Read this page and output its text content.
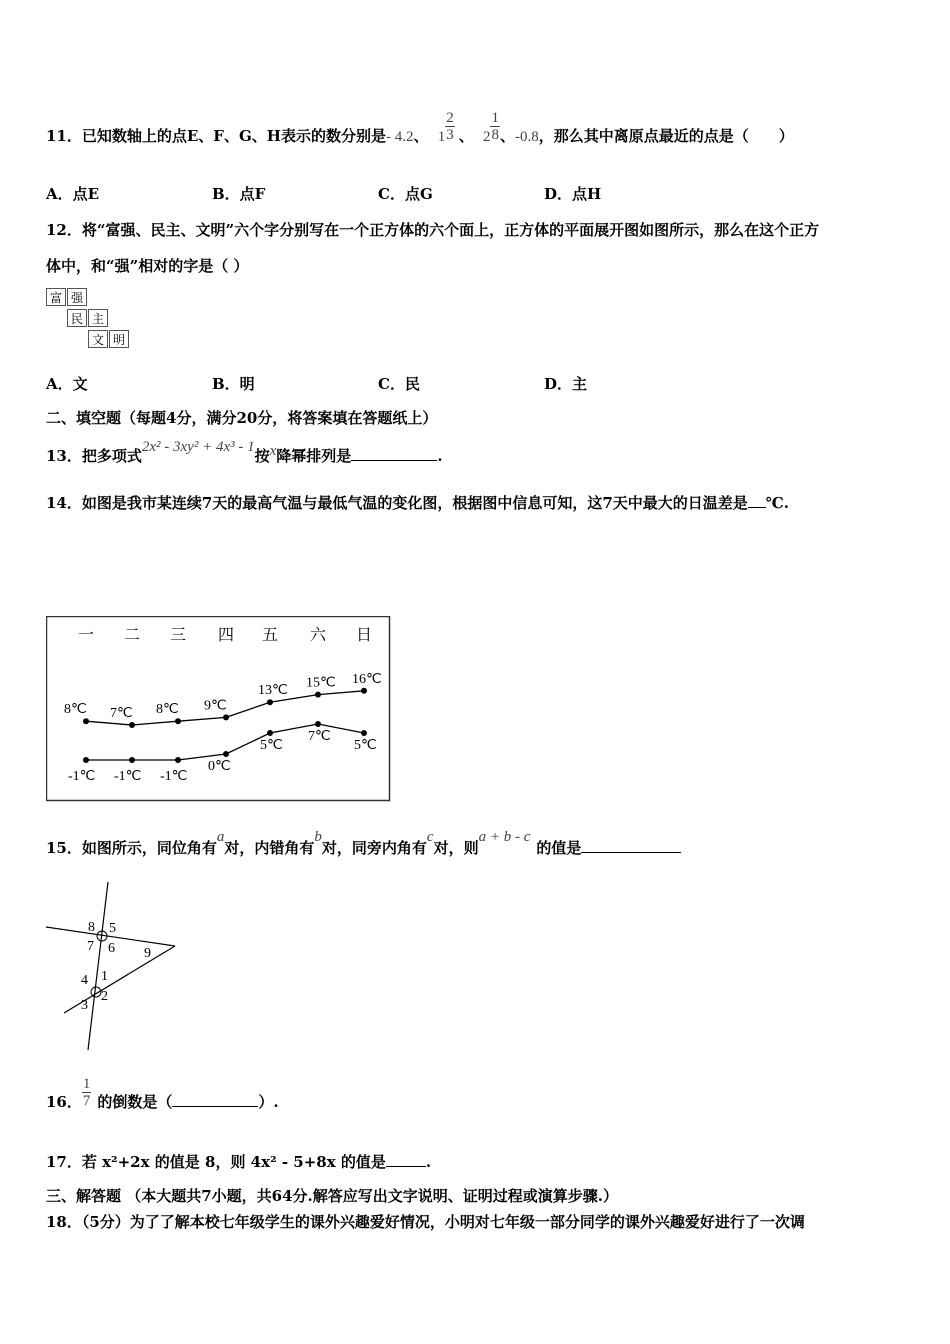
11．已知数轴上的点E、F、G、H表示的数分别是- 4.2、 $1 \frac{2}{3}$ 、 $2 \frac{1}{8}$ 、-0.8，那么其中离原点最近的点是（　　）
A．点E	B．点F	C．点G	D．点H
12．将“富强、民主、文明”六个字分别写在一个正方体的六个面上，正方体的平面展开图如图所示，那么在这个正方
体中，和“强”相对的字是（ ）
富 强
民 主
文 明
A．文	B．明	C．民	D．主
二、填空题（每题4分，满分20分，将答案填在答题纸上）
13．把多项式2x² - 3xy² + 4x³ - 1按x降幂排列是	.
14．如图是我市某连续7天的最高气温与最低气温的变化图，根据图中信息可知，这7天中最大的日温差是 ℃.
一 二 三 四 五 六 日
8℃ 7℃ 8℃ 9℃
13℃
15℃ 16℃
-1℃ -1℃ -1℃
0℃
5℃
7℃
5℃
15．如图所示，同位角有a对，内错角有b对，同旁内角有c对，则a + b - c的值是
8 5
7 6 9
4 1
3
2
16． $\frac{1}{7}$ 的倒数是（	）.
17．若 x²+2x 的值是 8，则 4x² - 5+8x 的值是	.
三、解答题 （本大题共7小题，共64分.解答应写出文字说明、证明过程或演算步骤.）
18．（5分）为了了解本校七年级学生的课外兴趣爱好情况，小明对七年级一部分同学的课外兴趣爱好进行了一次调
